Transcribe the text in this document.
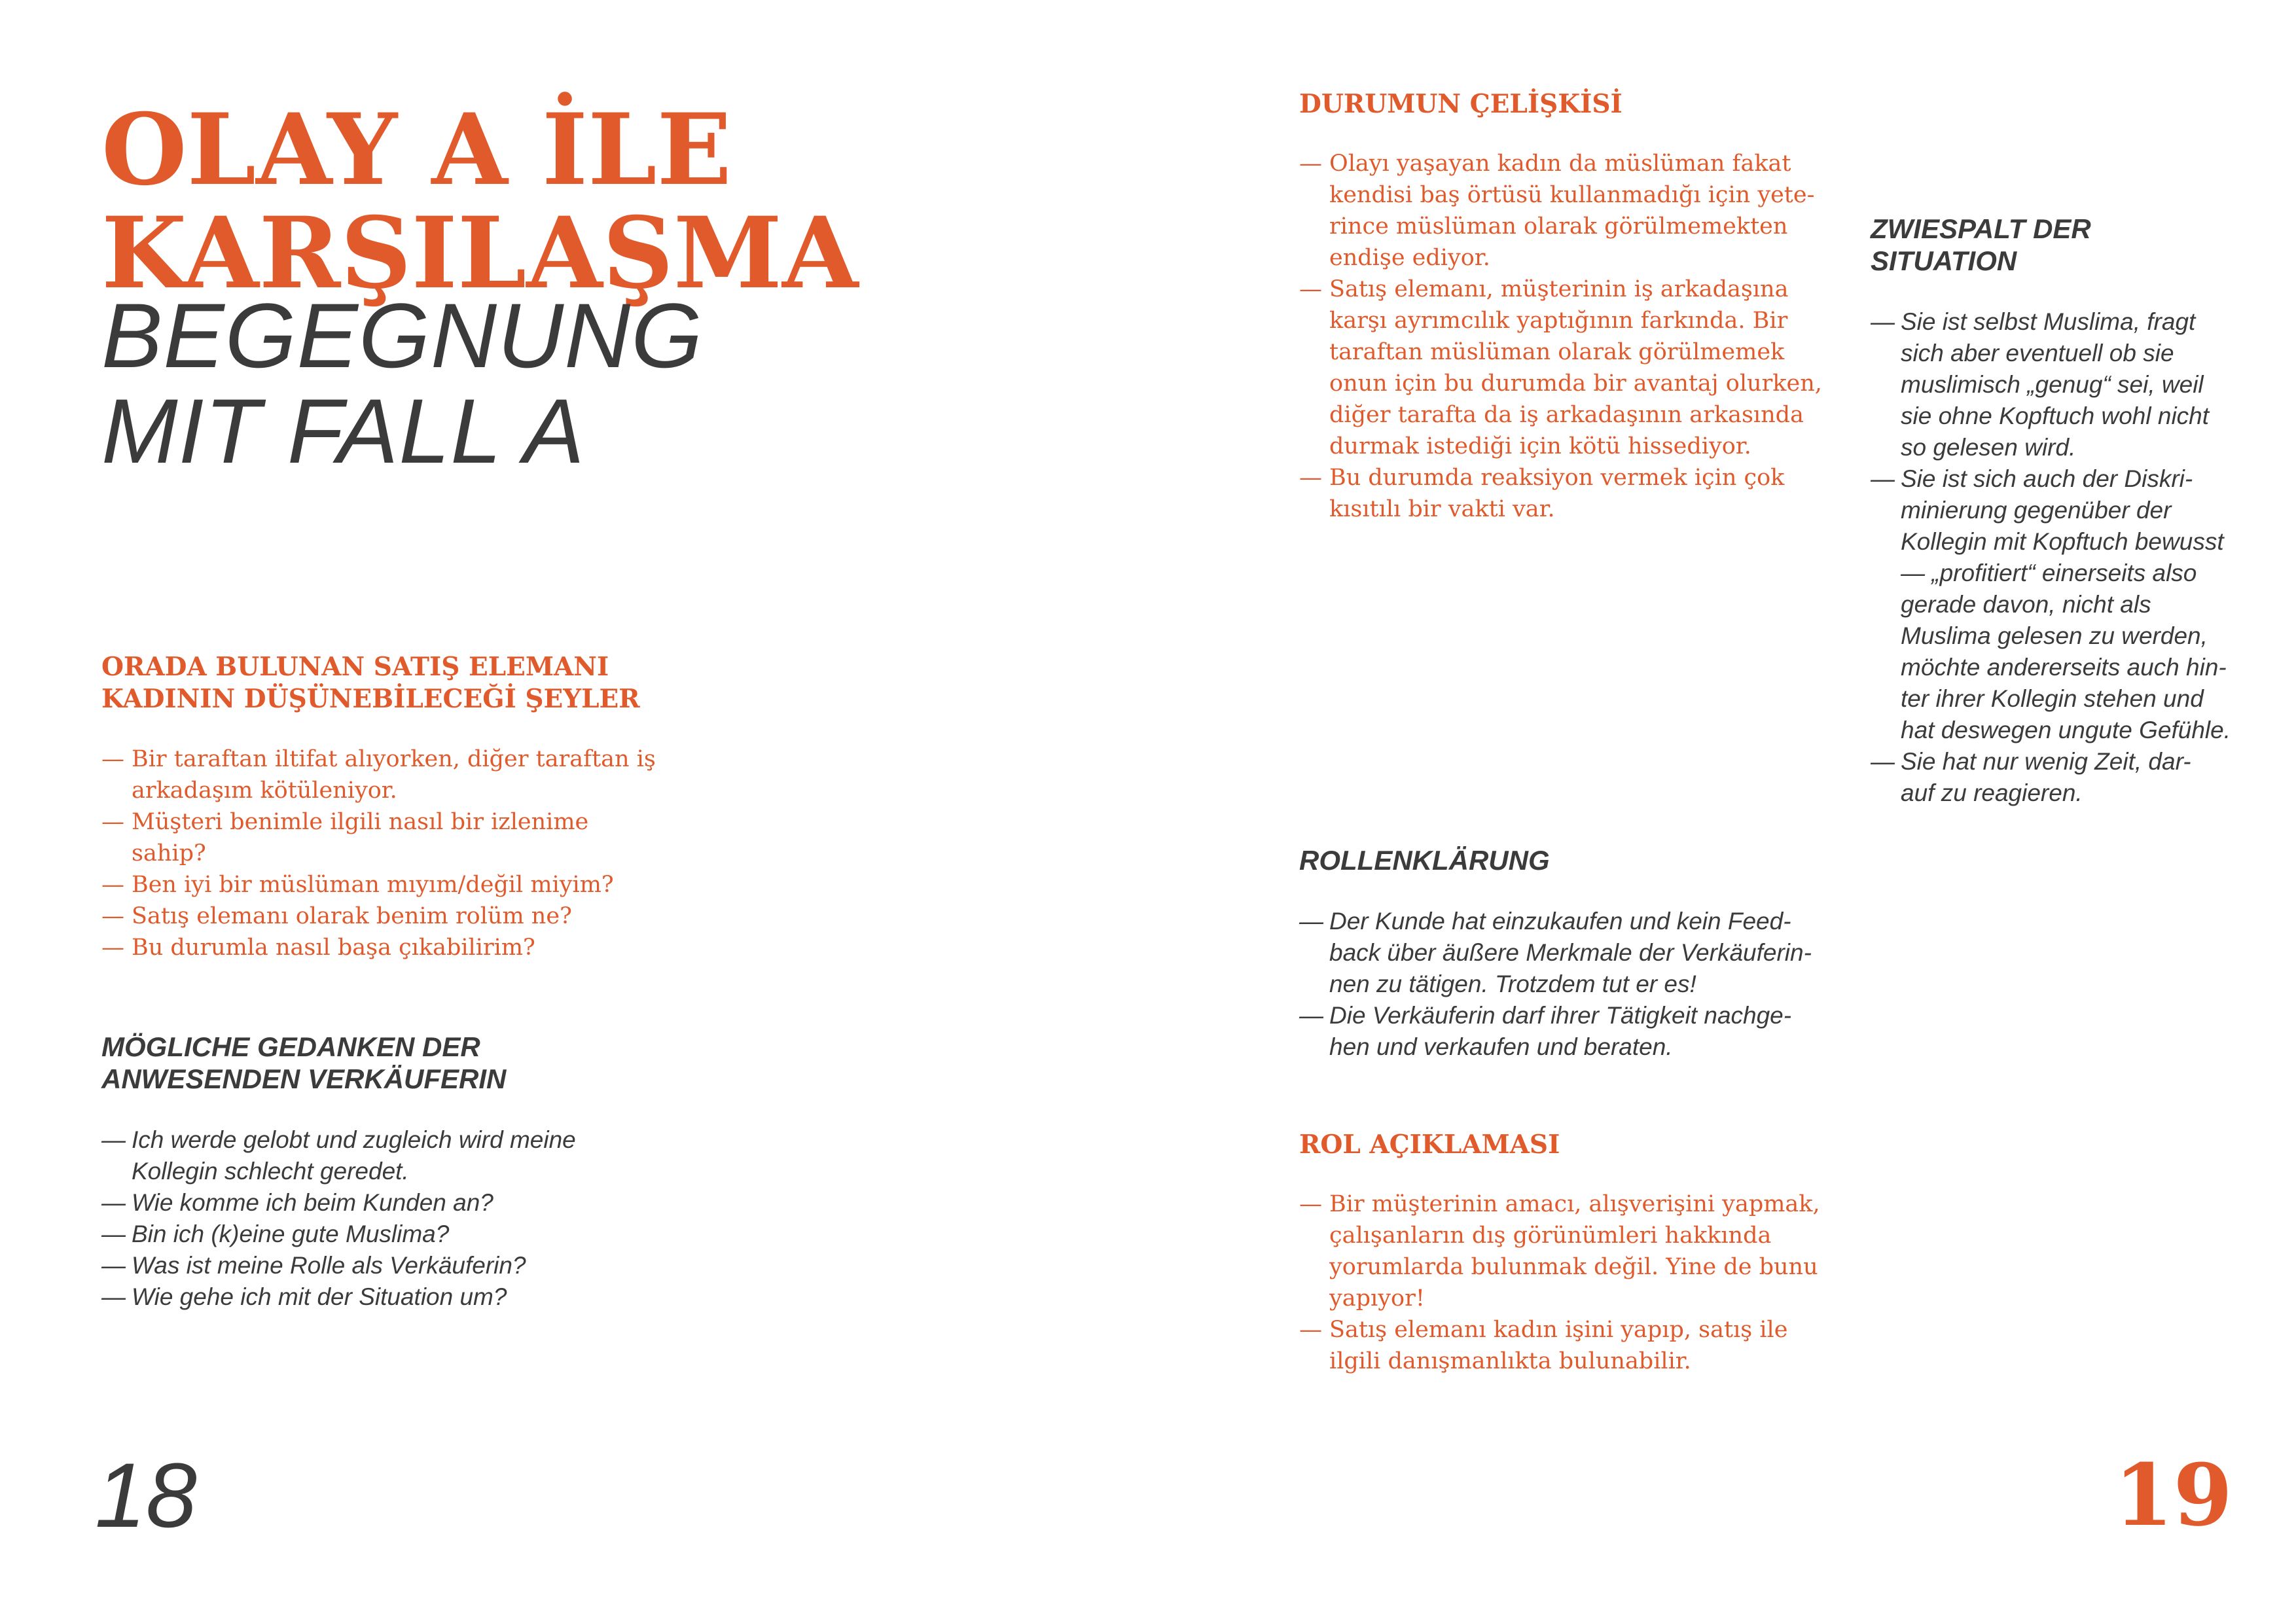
OLAY A İLE
KARŞILAŞMA
BEGEGNUNG
MIT FALL A
ORADA BULUNAN SATIŞ ELEMANI
KADININ DÜŞÜNEBİLECEĞİ ŞEYLER
— Bir taraftan iltifat alıyorken, diğer taraftan iş
arkadaşım kötüleniyor.
— Müşteri benimle ilgili nasıl bir izlenime
sahip?
— Ben iyi bir müslüman mıyım/değil miyim?
— Satış elemanı olarak benim rolüm ne?
— Bu durumla nasıl başa çıkabilirim?
MÖGLICHE GEDANKEN DER
ANWESENDEN VERKÄUFERIN
— Ich werde gelobt und zugleich wird meine
Kollegin schlecht geredet.
— Wie komme ich beim Kunden an?
— Bin ich (k)eine gute Muslima?
— Was ist meine Rolle als Verkäuferin?
— Wie gehe ich mit der Situation um?
18
DURUMUN ÇELİŞKİSİ
— Olayı yaşayan kadın da müslüman fakat
kendisi baş örtüsü kullanmadığı için yete-
rince müslüman olarak görülmemekten
endişe ediyor.
— Satış elemanı, müşterinin iş arkadaşına
karşı ayrımcılık yaptığının farkında. Bir
taraftan müslüman olarak görülmemek
onun için bu durumda bir avantaj olurken,
diğer tarafta da iş arkadaşının arkasında
durmak istediği için kötü hissediyor.
— Bu durumda reaksiyon vermek için çok
kısıtılı bir vakti var.
ZWIESPALT DER SITUATION
— Sie ist selbst Muslima, fragt
sich aber eventuell ob sie
muslimisch „genug“ sei, weil
sie ohne Kopftuch wohl nicht
so gelesen wird.
— Sie ist sich auch der Diskri-
minierung gegenüber der
Kollegin mit Kopftuch bewusst
— „profitiert“ einerseits also
gerade davon, nicht als
Muslima gelesen zu werden,
möchte andererseits auch hin-
ter ihrer Kollegin stehen und
hat deswegen ungute Gefühle.
— Sie hat nur wenig Zeit, dar-
auf zu reagieren.
ROLLENKLÄRUNG
— Der Kunde hat einzukaufen und kein Feed-
back über äußere Merkmale der Verkäuferin-
nen zu tätigen. Trotzdem tut er es!
— Die Verkäuferin darf ihrer Tätigkeit nachge-
hen und verkaufen und beraten.
ROL AÇIKLAMASI
— Bir müşterinin amacı, alışverişini yapmak,
çalışanların dış görünümleri hakkında
yorumlarda bulunmak değil. Yine de bunu
yapıyor!
— Satış elemanı kadın işini yapıp, satış ile
ilgili danışmanlıkta bulunabilir.
19
